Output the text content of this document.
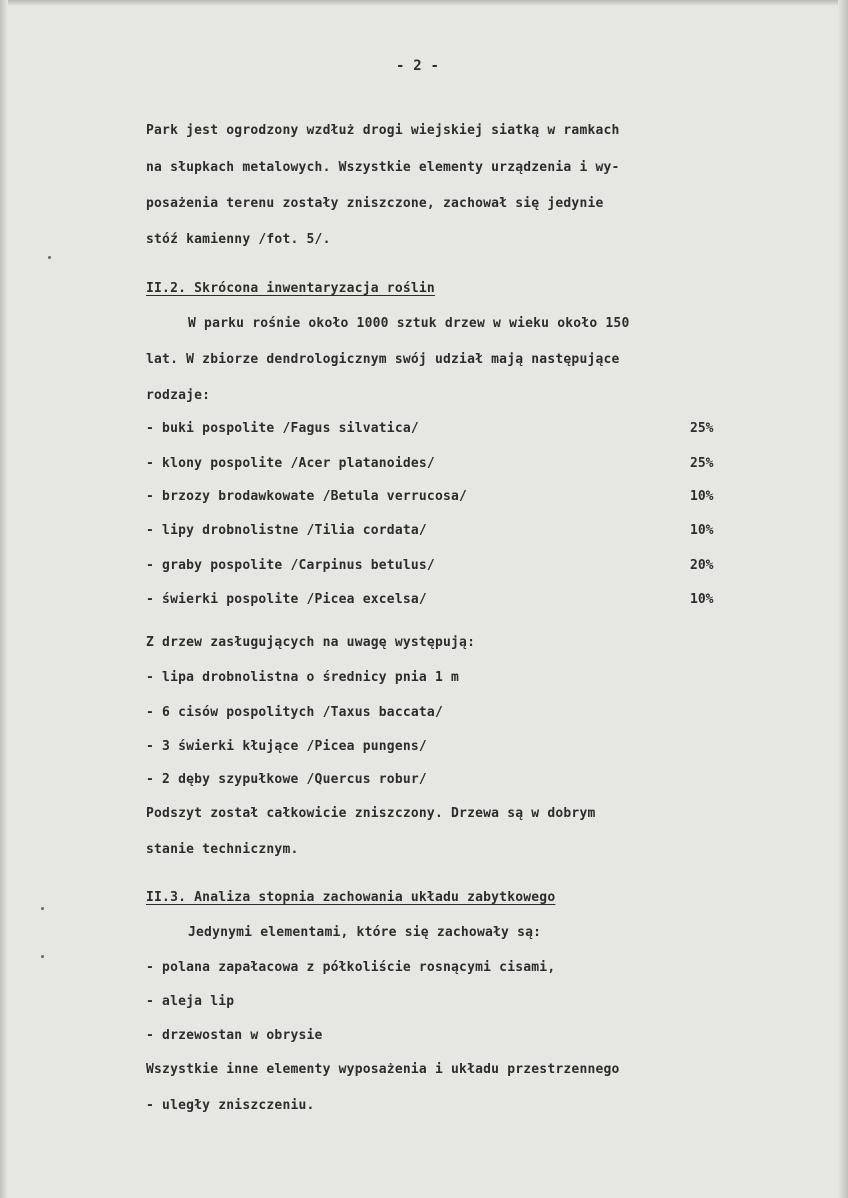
- 2 -
Park jest ogrodzony wzdłuż drogi wiejskiej siatką w ramkach
na słupkach metalowych. Wszystkie elementy urządzenia i wy-
posażenia terenu zostały zniszczone, zachował się jedynie
stóź kamienny /fot. 5/.
II.2. Skrócona inwentaryzacja roślin
W parku rośnie około 1000 sztuk drzew w wieku około 150
lat. W zbiorze dendrologicznym swój udział mają następujące
rodzaje:
- buki pospolite /Fagus silvatica/	25%
- klony pospolite /Acer platanoides/	25%
- brzozy brodawkowate /Betula verrucosa/	10%
- lipy drobnolistne /Tilia cordata/	10%
- graby pospolite /Carpinus betulus/	20%
- świerki pospolite /Picea excelsa/	10%
Z drzew zasługujących na uwagę występują:
- lipa drobnolistna o średnicy pnia 1 m
- 6 cisów pospolitych /Taxus baccata/
- 3 świerki kłujące /Picea pungens/
- 2 dęby szypułkowe /Quercus robur/
Podszyt został całkowicie zniszczony. Drzewa są w dobrym
stanie technicznym.
II.3. Analiza stopnia zachowania układu zabytkowego
Jedynymi elementami, które się zachowały są:
- polana zapałacowa z półkoliście rosnącymi cisami,
- aleja lip
- drzewostan w obrysie
Wszystkie inne elementy wyposażenia i układu przestrzennego
- uległy zniszczeniu.
